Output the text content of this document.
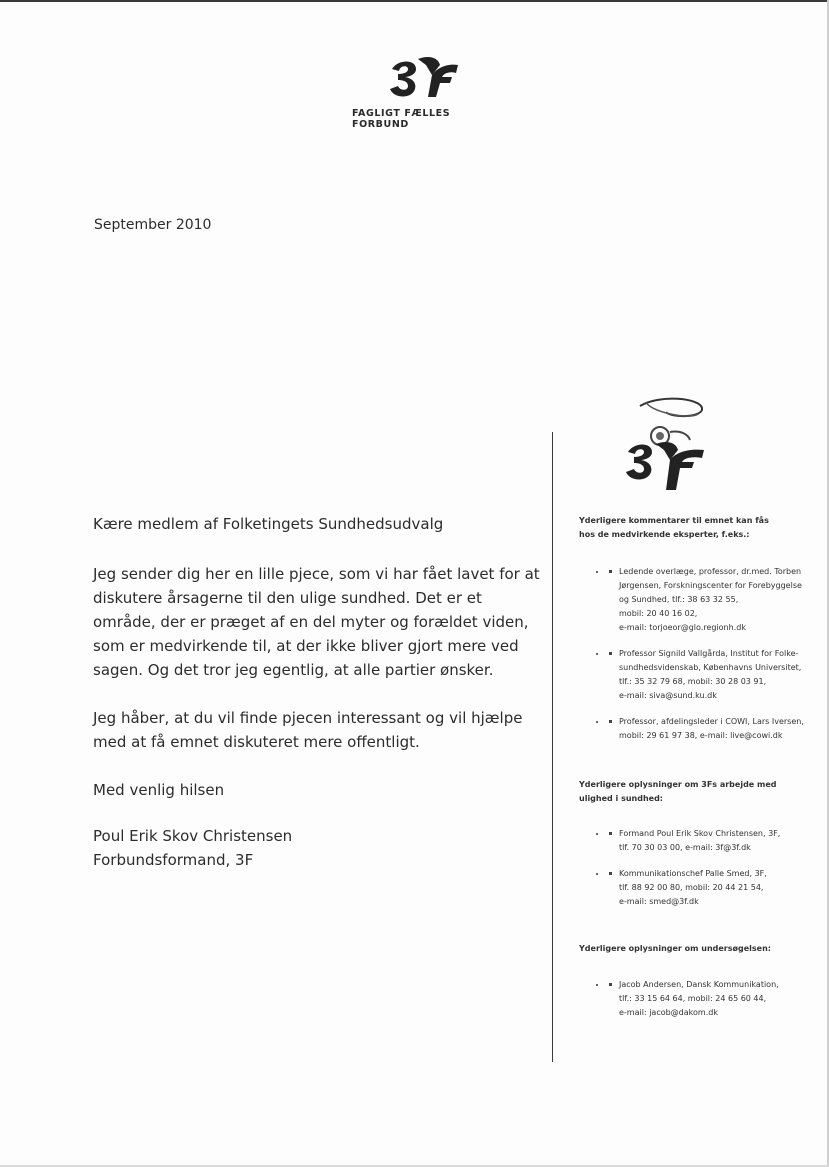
FAGLIGT FÆLLES FORBUND
September 2010

Kære medlem af Folketingets Sundhedsudvalg

Jeg sender dig her en lille pjece, som vi har fået lavet for at

diskutere årsagerne til den ulige sundhed. Det er et

område, der er præget af en del myter og forældet viden,

som er medvirkende til, at der ikke bliver gjort mere ved

sagen. Og det tror jeg egentlig, at alle partier ønsker.

Jeg håber, at du vil finde pjecen interessant og vil hjælpe

med at få emnet diskuteret mere offentligt.

Med venlig hilsen

Poul Erik Skov Christensen

Forbundsformand, 3F

Yderligere kommentarer til emnet kan fås
hos de medvirkende eksperter, f.eks.:
• Ledende overlæge, professor, dr.med. Torben
Jørgensen, Forskningscenter for Forebyggelse
og Sundhed, tlf.: 38 63 32 55,
mobil: 20 40 16 02,
e-mail: torjoeor@glo.regionh.dk
• Professor Signild Vallgårda, Institut for Folke-
sundhedsvidenskab, Københavns Universitet,
tlf.: 35 32 79 68, mobil: 30 28 03 91,
e-mail: siva@sund.ku.dk
• Professor, afdelingsleder i COWI, Lars Iversen,
mobil: 29 61 97 38, e-mail: live@cowi.dk
Yderligere oplysninger om 3Fs arbejde med
ulighed i sundhed:
• Formand Poul Erik Skov Christensen, 3F,
tlf. 70 30 03 00, e-mail: 3f@3f.dk
• Kommunikationschef Palle Smed, 3F,
tlf. 88 92 00 80, mobil: 20 44 21 54,
e-mail: smed@3f.dk
Yderligere oplysninger om undersøgelsen:
• Jacob Andersen, Dansk Kommunikation,
tlf.: 33 15 64 64, mobil: 24 65 60 44,
e-mail: jacob@dakom.dk
